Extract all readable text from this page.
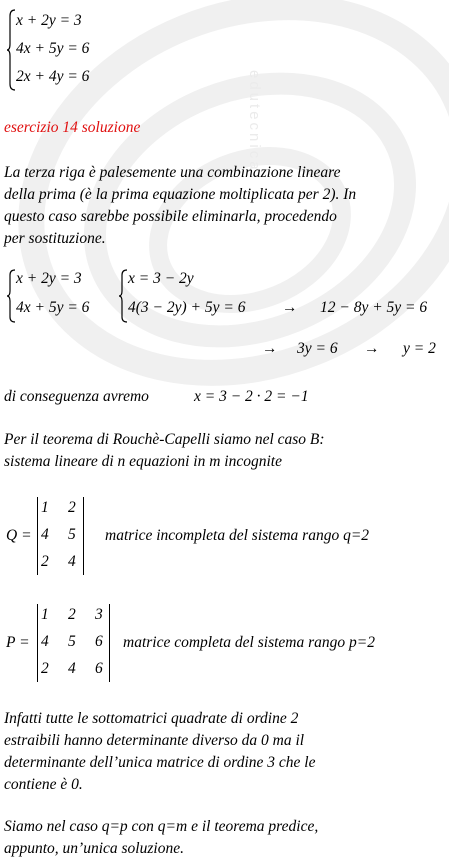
edutecnica
x + 2y = 3
4x + 5y = 6
2x + 4y = 6
esercizio 14 soluzione
La terza riga è palesemente una combinazione lineare
della prima (è la prima equazione moltiplicata per 2). In
questo caso sarebbe possibile eliminarla, procedendo
per sostituzione.
x + 2y = 3
4x + 5y = 6
x = 3 − 2y
4(3 − 2y) + 5y = 6 → 12 − 8y + 5y = 6
→ 3y = 6 → y = 2
di conseguenza avremo	x = 3 − 2 · 2 = −1
Per il teorema di Rouchè-Capelli siamo nel caso B:
sistema lineare di n equazioni in m incognite
Q =
1 2
4 5
2 4
matrice incompleta del sistema rango q=2
P =
1 2 3
4 5 6
2 4 6
matrice completa del sistema rango p=2
Infatti tutte le sottomatrici quadrate di ordine 2
estraibili hanno determinante diverso da 0 ma il
determinante dell’unica matrice di ordine 3 che le
contiene è 0.
Siamo nel caso q=p con q=m e il teorema predice,
appunto, un’unica soluzione.
